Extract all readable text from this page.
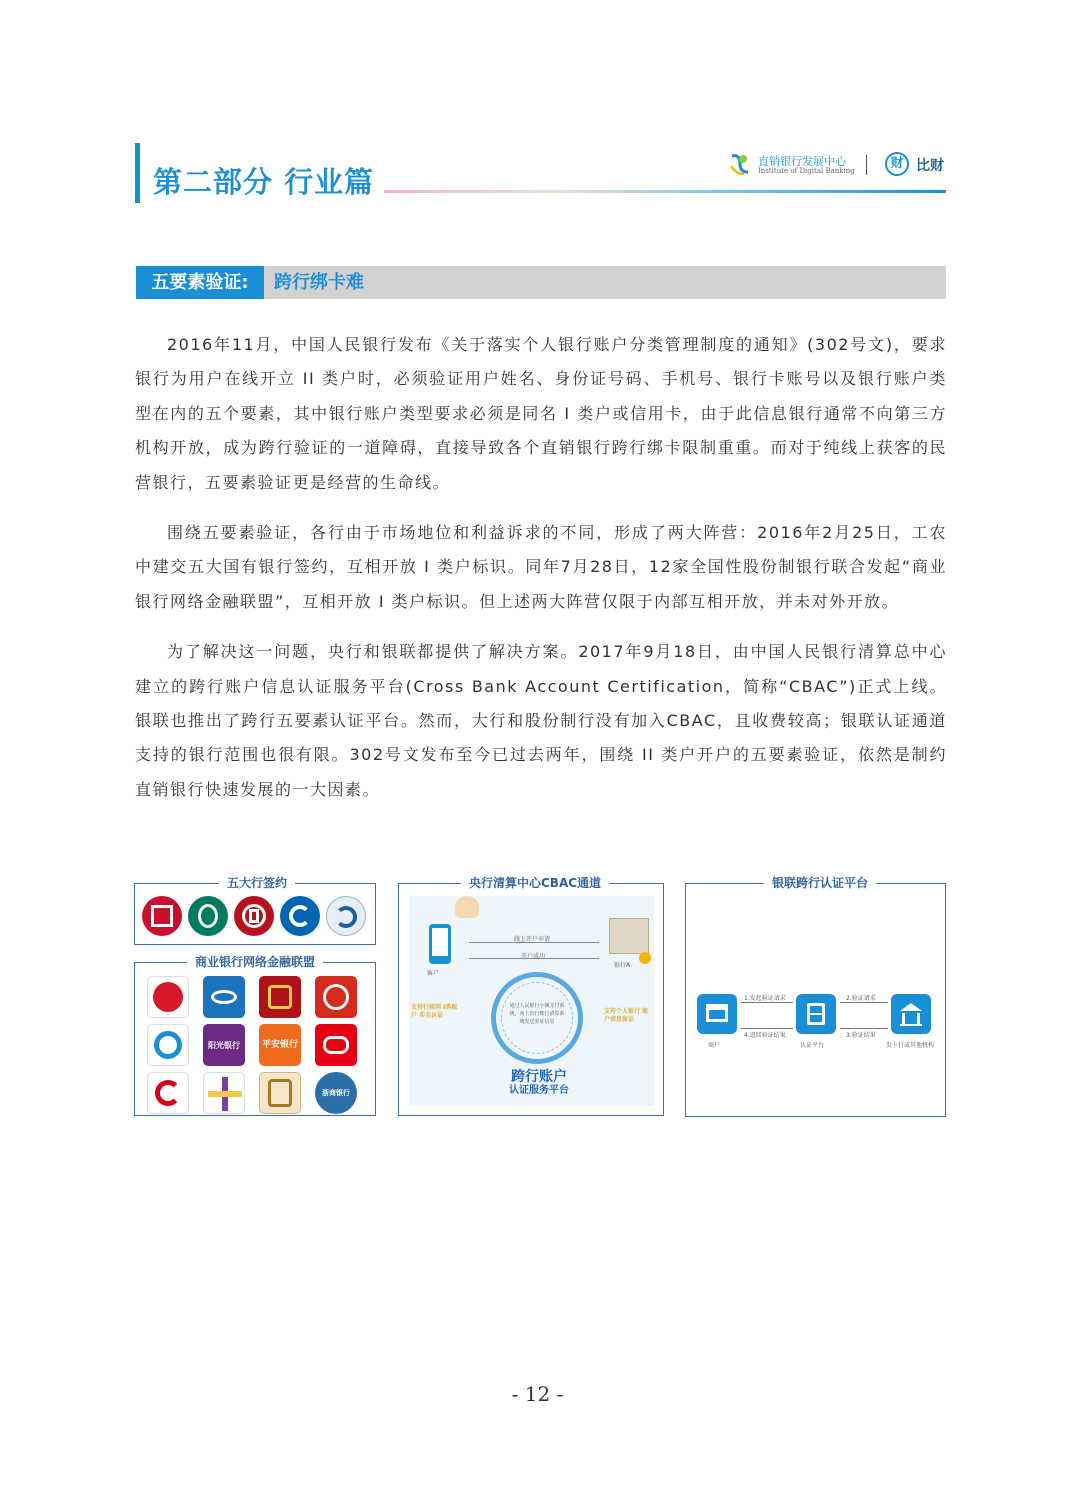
第二部分 行业篇
直销银行发展中心
Institute of Digital Banking	财 比财
五要素验证:	跨行绑卡难

2016年11月，中国人民银行发布《关于落实个人银行账户分类管理制度的通知》(302号文)，要求银行为用户在线开立 II 类户时，必须验证用户姓名、身份证号码、手机号、银行卡账号以及银行账户类型在内的五个要素，其中银行账户类型要求必须是同名 I 类户或信用卡，由于此信息银行通常不向第三方机构开放，成为跨行验证的一道障碍，直接导致各个直销银行跨行绑卡限制重重。而对于纯线上获客的民营银行，五要素验证更是经营的生命线。

围绕五要素验证，各行由于市场地位和利益诉求的不同，形成了两大阵营：2016年2月25日，工农中建交五大国有银行签约，互相开放 I 类户标识。同年7月28日，12家全国性股份制银行联合发起“商业银行网络金融联盟”，互相开放 I 类户标识。但上述两大阵营仅限于内部互相开放，并未对外开放。

为了解决这一问题，央行和银联都提供了解决方案。2017年9月18日，由中国人民银行清算总中心建立的跨行账户信息认证服务平台(Cross Bank Account Certification，简称“CBAC”)正式上线。银联也推出了跨行五要素认证平台。然而，大行和股份制行没有加入CBAC，且收费较高；银联认证通道支持的银行范围也很有限。302号文发布至今已过去两年，围绕 II 类户开户的五要素验证，依然是制约直销银行快速发展的一大因素。

五大行签约
商业银行网络金融联盟
阳光银行	平安银行
浙商银行
央行清算中心CBAC通道
客户
线上开户申请
开户成功
银行A
支持行间同 I类账户 实名认证
支持个人银行 账户信息验证
通过人民银行小额支付系统，向上出行账行清算系统发送验证信息
跨行账户
认证服务平台
银联跨行认证平台
1.发起验证请求
4.返回验证结果
2.验证请求
3.验证结果
商户	认证平台	发卡行或其他机构
- 12 -
